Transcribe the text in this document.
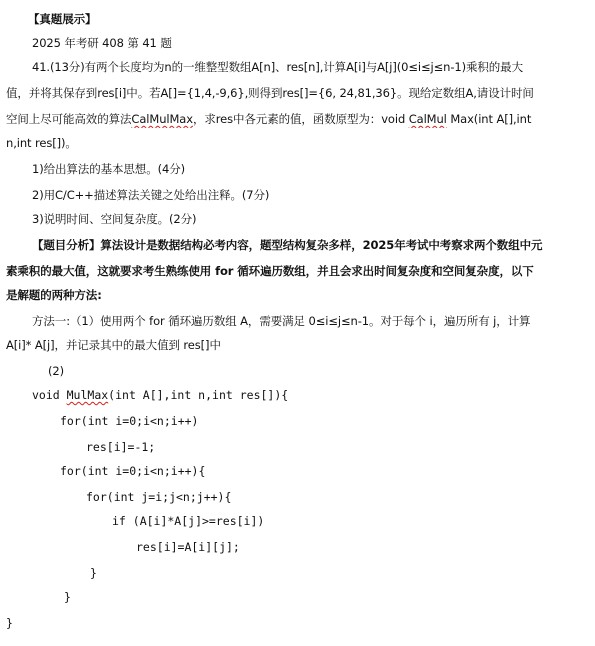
【真题展示】
2025 年考研 408 第 41 题
41.(13分)有两个长度均为n的一维整型数组A[n]、res[n],计算A[i]与A[j](0≤i≤j≤n-1)乘积的最大
值，并将其保存到res[i]中。若A[]={1,4,-9,6},则得到res[]={6, 24,81,36}。现给定数组A,请设计时间
空间上尽可能高效的算法CalMulMax，求res中各元素的值，函数原型为：void CalMul Max(int A[],int
n,int res[])。
1)给出算法的基本思想。(4分)
2)用C/C++描述算法关键之处给出注释。(7分)
3)说明时间、空间复杂度。(2分)
【题目分析】算法设计是数据结构必考内容，题型结构复杂多样，2025年考试中考察求两个数组中元
素乘积的最大值，这就要求考生熟练使用 for 循环遍历数组，并且会求出时间复杂度和空间复杂度，以下
是解题的两种方法:
方法一:（1）使用两个 for 循环遍历数组 A，需要满足 0≤i≤j≤n-1。对于每个 i，遍历所有 j，计算
A[i]* A[j]，并记录其中的最大值到 res[]中
(2)
void MulMax(int A[],int n,int res[]){
for(int i=0;i<n;i++)
res[i]=-1;
for(int i=0;i<n;i++){
for(int j=i;j<n;j++){
if (A[i]*A[j]>=res[i])
res[i]=A[i][j];
}
}
}
